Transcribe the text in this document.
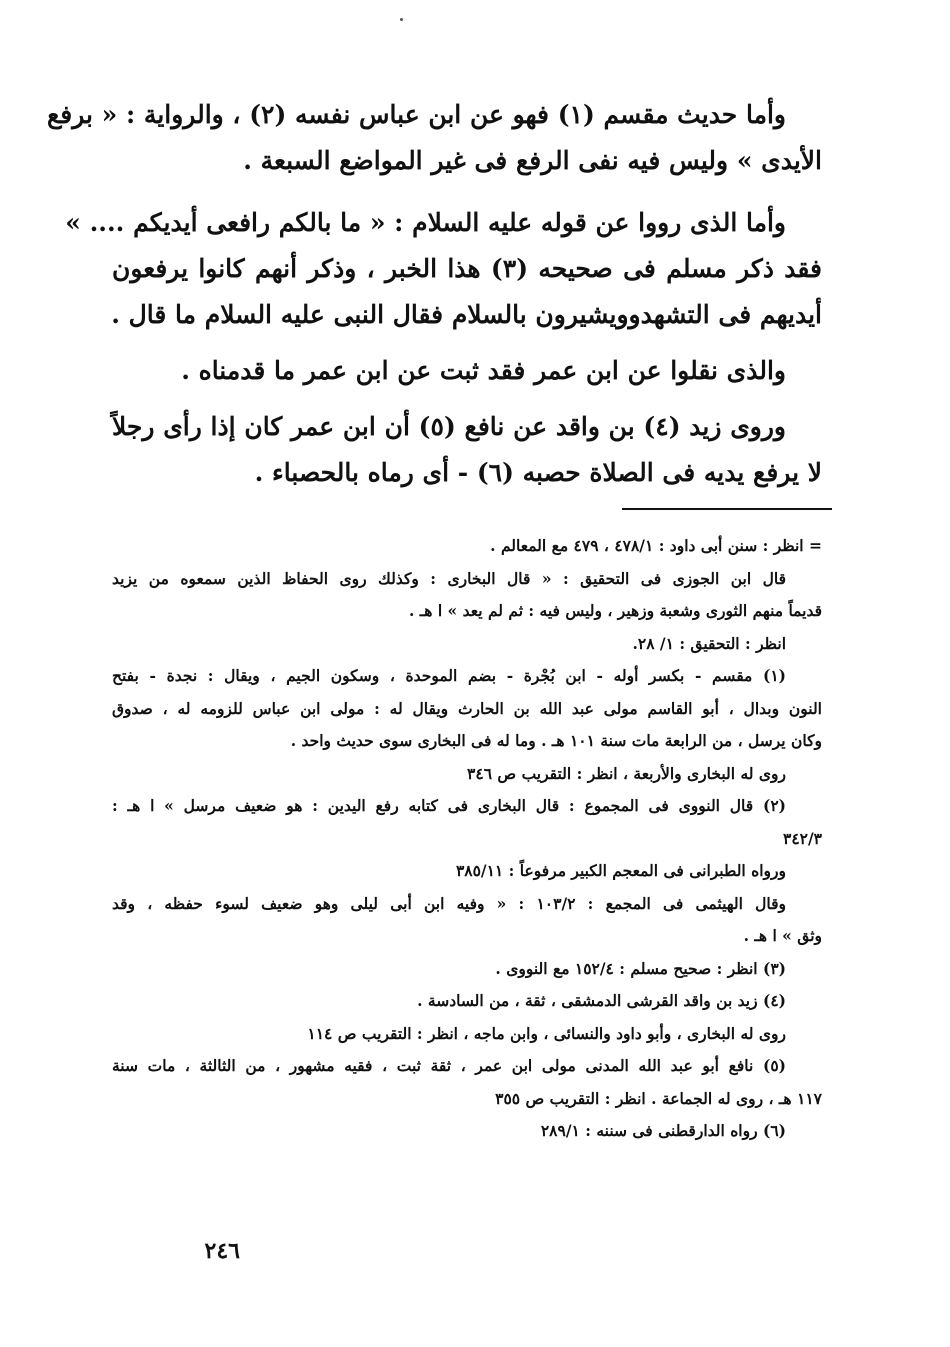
وأما حديث مقسم (١) فهو عن ابن عباس نفسه (٢) ، والرواية : « برفع
الأيدى » وليس فيه نفى الرفع فى غير المواضع السبعة .
وأما الذى رووا عن قوله عليه السلام : « ما بالكم رافعى أيديكم .... »
فقد ذكر مسلم فى صحيحه (٣) هذا الخبر ، وذكر أنهم كانوا يرفعون
أيديهم فى التشهدوويشيرون بالسلام فقال النبى عليه السلام ما قال .
والذى نقلوا عن ابن عمر فقد ثبت عن ابن عمر ما قدمناه .
وروى زيد (٤) بن واقد عن نافع (٥) أن ابن عمر كان إذا رأى رجلاً
لا يرفع يديه فى الصلاة حصبه (٦) - أى رماه بالحصباء .
= انظر : سنن أبى داود : ٤٧٨/١ ، ٤٧٩ مع المعالم .
قال ابن الجوزى فى التحقيق : « قال البخارى : وكذلك روى الحفاظ الذين سمعوه من يزيد
قديماً منهم الثورى وشعبة وزهير ، وليس فيه : ثم لم يعد » ا هـ .
انظر : التحقيق : ١/ ٢٨.
(١) مقسم - بكسر أوله - ابن بُجْرة - بضم الموحدة ، وسكون الجيم ، ويقال : نجدة - بفتح
النون وبدال ، أبو القاسم مولى عبد الله بن الحارث ويقال له : مولى ابن عباس للزومه له ، صدوق
وكان يرسل ، من الرابعة مات سنة ١٠١ هـ . وما له فى البخارى سوى حديث واحد .
روى له البخارى والأربعة ، انظر : التقريب ص ٣٤٦
(٢) قال النووى فى المجموع : قال البخارى فى كتابه رفع اليدين : هو ضعيف مرسل » ا هـ :
٣٤٢/٣
ورواه الطبرانى فى المعجم الكبير مرفوعاً : ٣٨٥/١١
وقال الهيثمى فى المجمع : ١٠٣/٢ : « وفيه ابن أبى ليلى وهو ضعيف لسوء حفظه ، وقد
وثق » ا هـ .
(٣) انظر : صحيح مسلم : ١٥٢/٤ مع النووى .
(٤) زيد بن واقد القرشى الدمشقى ، ثقة ، من السادسة .
روى له البخارى ، وأبو داود والنسائى ، وابن ماجه ، انظر : التقريب ص ١١٤
(٥) نافع أبو عبد الله المدنى مولى ابن عمر ، ثقة ثبت ، فقيه مشهور ، من الثالثة ، مات سنة
١١٧ هـ ، روى له الجماعة . انظر : التقريب ص ٣٥٥
(٦) رواه الدارقطنى فى سننه : ٢٨٩/١
٢٤٦
